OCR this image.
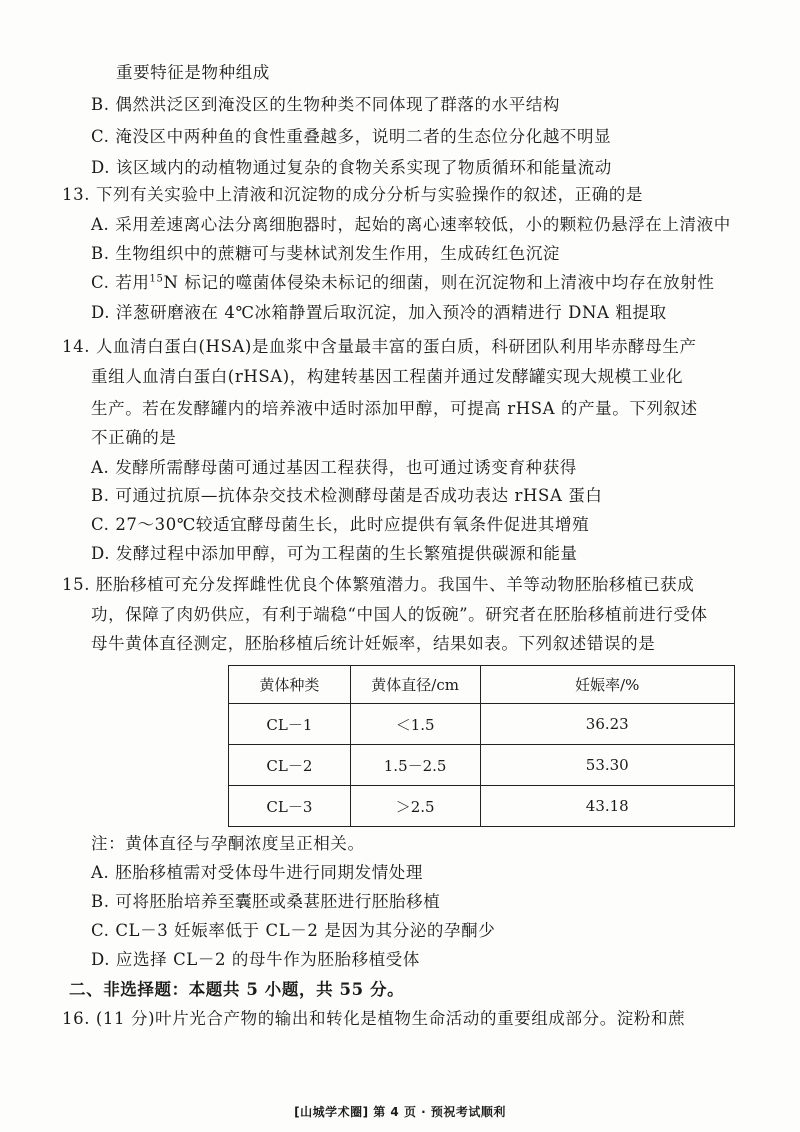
重要特征是物种组成
B. 偶然洪泛区到淹没区的生物种类不同体现了群落的水平结构
C. 淹没区中两种鱼的食性重叠越多，说明二者的生态位分化越不明显
D. 该区域内的动植物通过复杂的食物关系实现了物质循环和能量流动
13. 下列有关实验中上清液和沉淀物的成分分析与实验操作的叙述，正确的是
A. 采用差速离心法分离细胞器时，起始的离心速率较低，小的颗粒仍悬浮在上清液中
B. 生物组织中的蔗糖可与斐林试剂发生作用，生成砖红色沉淀
C. 若用$^{15}$N 标记的噬菌体侵染未标记的细菌，则在沉淀物和上清液中均存在放射性
D. 洋葱研磨液在 4℃冰箱静置后取沉淀，加入预冷的酒精进行 DNA 粗提取
14. 人血清白蛋白(HSA)是血浆中含量最丰富的蛋白质，科研团队利用毕赤酵母生产
重组人血清白蛋白(rHSA)，构建转基因工程菌并通过发酵罐实现大规模工业化
生产。若在发酵罐内的培养液中适时添加甲醇，可提高 rHSA 的产量。下列叙述
不正确的是
A. 发酵所需酵母菌可通过基因工程获得，也可通过诱变育种获得
B. 可通过抗原—抗体杂交技术检测酵母菌是否成功表达 rHSA 蛋白
C. 27～30℃较适宜酵母菌生长，此时应提供有氧条件促进其增殖
D. 发酵过程中添加甲醇，可为工程菌的生长繁殖提供碳源和能量
15. 胚胎移植可充分发挥雌性优良个体繁殖潜力。我国牛、羊等动物胚胎移植已获成
功，保障了肉奶供应，有利于端稳“中国人的饭碗”。研究者在胚胎移植前进行受体
母牛黄体直径测定，胚胎移植后统计妊娠率，结果如表。下列叙述错误的是
黄体种类	黄体直径/cm	妊娠率/%
CL－1	＜1.5	36.23
CL－2	1.5－2.5	53.30
CL－3	＞2.5	43.18
注：黄体直径与孕酮浓度呈正相关。
A. 胚胎移植需对受体母牛进行同期发情处理
B. 可将胚胎培养至囊胚或桑葚胚进行胚胎移植
C. CL－3 妊娠率低于 CL－2 是因为其分泌的孕酮少
D. 应选择 CL－2 的母牛作为胚胎移植受体
二、非选择题：本题共 5 小题，共 55 分。
16. (11 分)叶片光合产物的输出和转化是植物生命活动的重要组成部分。淀粉和蔗
[山城学术圈] 第 4 页 · 预祝考试顺利
